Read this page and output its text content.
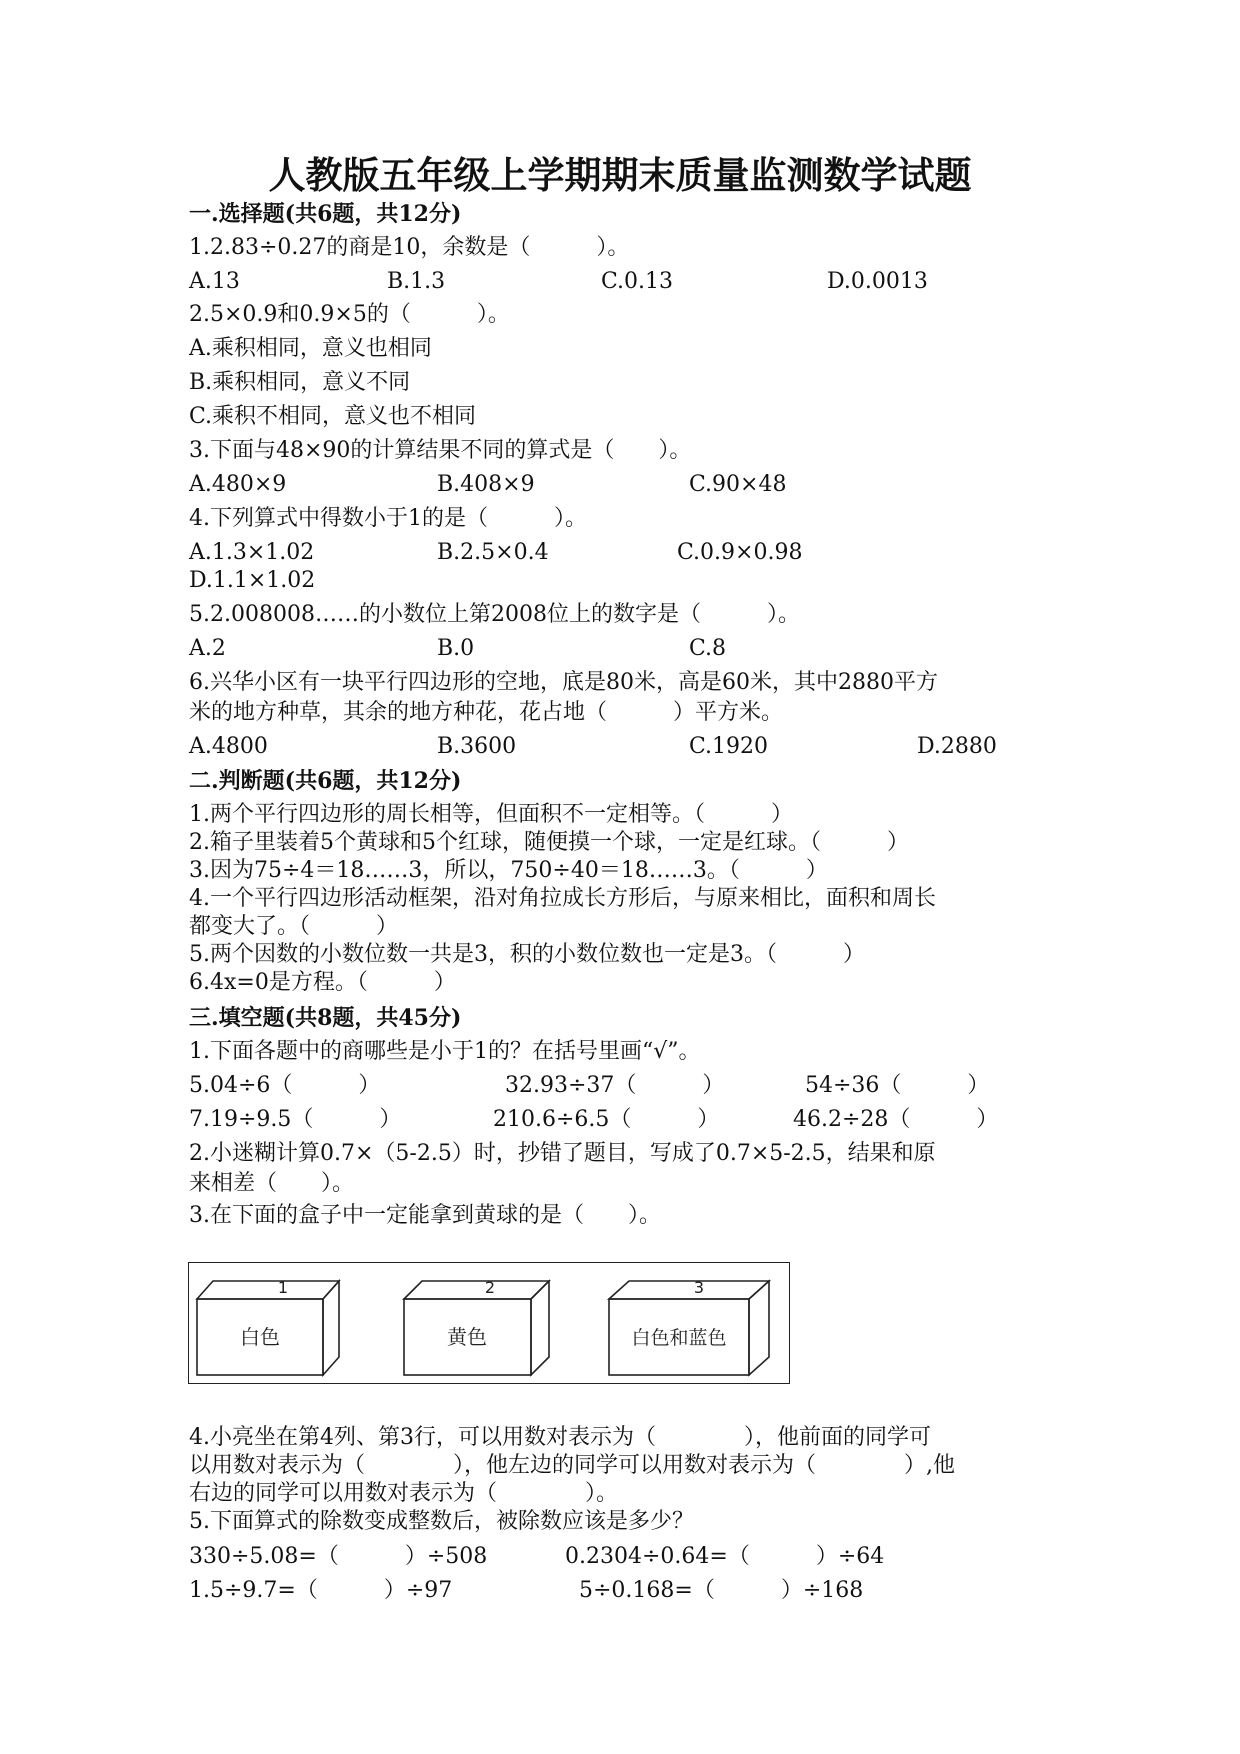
人教版五年级上学期期末质量监测数学试题
一.选择题(共6题，共12分)
1.2.83÷0.27的商是10，余数是（　　　）。
A.13	B.1.3	C.0.13	D.0.0013
2.5×0.9和0.9×5的（　　　）。
A.乘积相同，意义也相同
B.乘积相同，意义不同
C.乘积不相同，意义也不相同
3.下面与48×90的计算结果不同的算式是（　　）。
A.480×9	B.408×9	C.90×48
4.下列算式中得数小于1的是（　　　）。
A.1.3×1.02	B.2.5×0.4	C.0.9×0.98
D.1.1×1.02
5.2.008008……的小数位上第2008位上的数字是（　　　）。
A.2	B.0	C.8
6.兴华小区有一块平行四边形的空地，底是80米，高是60米，其中2880平方
米的地方种草，其余的地方种花，花占地（　　　）平方米。
A.4800	B.3600	C.1920	D.2880
二.判断题(共6题，共12分)
1.两个平行四边形的周长相等，但面积不一定相等。（　　　）
2.箱子里装着5个黄球和5个红球，随便摸一个球，一定是红球。（　　　）
3.因为75÷4＝18……3，所以，750÷40＝18……3。（　　　）
4.一个平行四边形活动框架，沿对角拉成长方形后，与原来相比，面积和周长
都变大了。（　　　）
5.两个因数的小数位数一共是3，积的小数位数也一定是3。（　　　）
6.4x=0是方程。（　　　）
三.填空题(共8题，共45分)
1.下面各题中的商哪些是小于1的？在括号里画“√”。
5.04÷6（　　　）	32.93÷37（　　　）	54÷36（　　　）
7.19÷9.5（　　　）	210.6÷6.5（　　　）	46.2÷28（　　　）
2.小迷糊计算0.7×（5-2.5）时，抄错了题目，写成了0.7×5-2.5，结果和原
来相差（　　）。
3.在下面的盒子中一定能拿到黄球的是（　　）。
1	2	3
白色	黄色	白色和蓝色
4.小亮坐在第4列、第3行，可以用数对表示为（　　　　），他前面的同学可
以用数对表示为（　　　　），他左边的同学可以用数对表示为（　　　　）,他
右边的同学可以用数对表示为（　　　　）。
5.下面算式的除数变成整数后，被除数应该是多少？
330÷5.08=（　　　）÷508	0.2304÷0.64=（　　　）÷64
1.5÷9.7=（　　　）÷97	5÷0.168=（　　　）÷168
